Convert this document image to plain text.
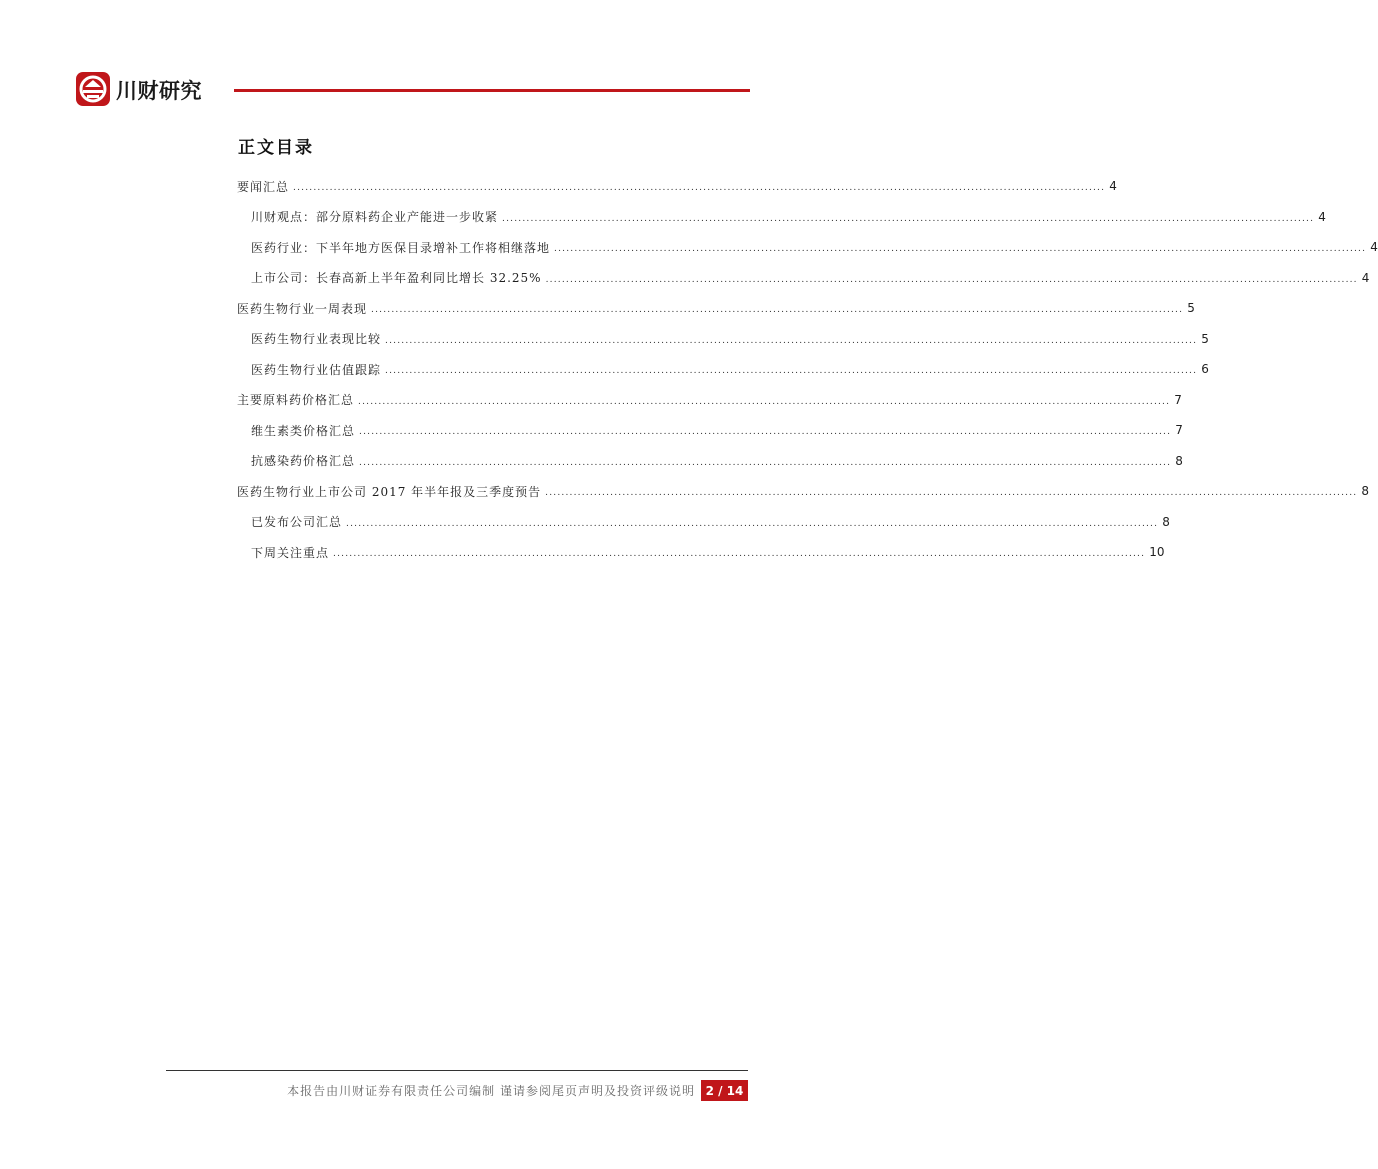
川财研究
正文目录
要闻汇总 ........................................................................................................................................................................................................ 4
川财观点：部分原料药企业产能进一步收紧 ........................................................................................................................................................................................................ 4
医药行业：下半年地方医保目录增补工作将相继落地 ........................................................................................................................................................................................................ 4
上市公司：长春高新上半年盈利同比增长 32.25% ........................................................................................................................................................................................................ 4
医药生物行业一周表现 ........................................................................................................................................................................................................ 5
医药生物行业表现比较 ........................................................................................................................................................................................................ 5
医药生物行业估值跟踪 ........................................................................................................................................................................................................ 6
主要原料药价格汇总 ........................................................................................................................................................................................................ 7
维生素类价格汇总 ........................................................................................................................................................................................................ 7
抗感染药价格汇总 ........................................................................................................................................................................................................ 8
医药生物行业上市公司 2017 年半年报及三季度预告 ........................................................................................................................................................................................................ 8
已发布公司汇总 ........................................................................................................................................................................................................ 8
下周关注重点 ........................................................................................................................................................................................................ 10
本报告由川财证券有限责任公司编制 谨请参阅尾页声明及投资评级说明 2 / 14
